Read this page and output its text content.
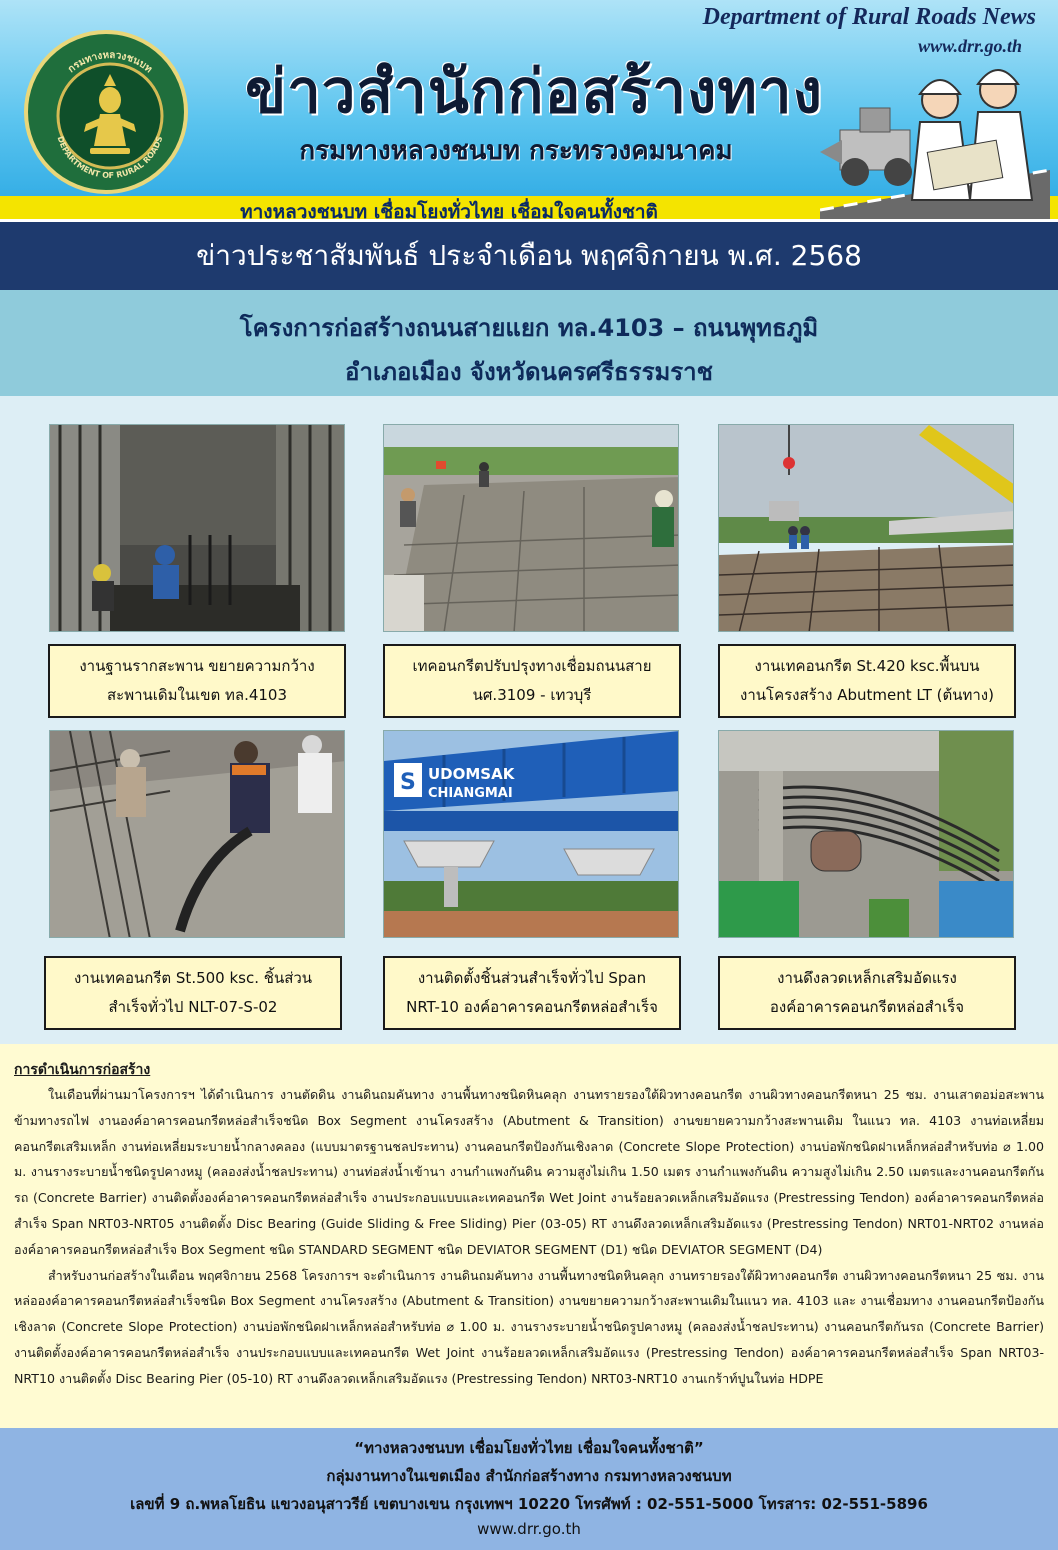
กรมทางหลวงชนบท
DEPARTMENT OF RURAL ROADS
ข่าวสำนักก่อสร้างทาง
กรมทางหลวงชนบท กระทรวงคมนาคม
ทางหลวงชนบท เชื่อมโยงทั่วไทย เชื่อมใจคนทั้งชาติ
Department of Rural Roads News
www.drr.go.th
ข่าวประชาสัมพันธ์ ประจำเดือน พฤศจิกายน พ.ศ. 2568
โครงการก่อสร้างถนนสายแยก ทล.4103 – ถนนพุทธภูมิ
อำเภอเมือง จังหวัดนครศรีธรรมราช
งานฐานรากสะพาน ขยายความกว้าง
สะพานเดิมในเขต ทล.4103
เทคอนกรีตปรับปรุงทางเชื่อมถนนสาย
นศ.3109 - เทวบุรี
งานเทคอนกรีต St.420 ksc.พื้นบน
งานโครงสร้าง Abutment LT (ต้นทาง)
S UDOMSAK
CHIANGMAI
งานเทคอนกรีต St.500 ksc. ชิ้นส่วน
สำเร็จทั่วไป NLT-07-S-02
งานติดตั้งชิ้นส่วนสำเร็จทั่วไป Span
NRT-10 องค์อาคารคอนกรีตหล่อสำเร็จ
งานดึงลวดเหล็กเสริมอัดแรง
องค์อาคารคอนกรีตหล่อสำเร็จ
การดำเนินการก่อสร้าง

ในเดือนที่ผ่านมาโครงการฯ ได้ดำเนินการ งานตัดดิน งานดินถมคันทาง งานพื้นทางชนิดหินคลุก งานทรายรองใต้ผิวทางคอนกรีต งานผิวทางคอนกรีตหนา 25 ซม. งานเสาตอม่อสะพานข้ามทางรถไฟ งานองค์อาคารคอนกรีตหล่อสำเร็จชนิด Box Segment งานโครงสร้าง (Abutment & Transition) งานขยายความกว้างสะพานเดิม ในแนว ทล. 4103 งานท่อเหลี่ยมคอนกรีตเสริมเหล็ก งานท่อเหลี่ยมระบายน้ำกลางคลอง (แบบมาตรฐานชลประทาน) งานคอนกรีตป้องกันเชิงลาด (Concrete Slope Protection) งานบ่อพักชนิดฝาเหล็กหล่อสำหรับท่อ ⌀ 1.00 ม. งานรางระบายน้ำชนิดรูปคางหมู (คลองส่งน้ำชลประทาน) งานท่อส่งน้ำเข้านา งานกำแพงกันดิน ความสูงไม่เกิน 1.50 เมตร งานกำแพงกันดิน ความสูงไม่เกิน 2.50 เมตรและงานคอนกรีตกันรถ (Concrete Barrier) งานติดตั้งองค์อาคารคอนกรีตหล่อสำเร็จ งานประกอบแบบและเทคอนกรีต Wet Joint งานร้อยลวดเหล็กเสริมอัดแรง (Prestressing Tendon) องค์อาคารคอนกรีตหล่อสำเร็จ Span NRT03-NRT05 งานติดตั้ง Disc Bearing (Guide Sliding & Free Sliding) Pier (03-05) RT งานดึงลวดเหล็กเสริมอัดแรง (Prestressing Tendon) NRT01-NRT02 งานหล่อองค์อาคารคอนกรีตหล่อสำเร็จ Box Segment ชนิด STANDARD SEGMENT ชนิด DEVIATOR SEGMENT (D1) ชนิด DEVIATOR SEGMENT (D4)

สำหรับงานก่อสร้างในเดือน พฤศจิกายน 2568 โครงการฯ จะดำเนินการ งานดินถมคันทาง งานพื้นทางชนิดหินคลุก งานทรายรองใต้ผิวทางคอนกรีต งานผิวทางคอนกรีตหนา 25 ซม. งานหล่อองค์อาคารคอนกรีตหล่อสำเร็จชนิด Box Segment งานโครงสร้าง (Abutment & Transition) งานขยายความกว้างสะพานเดิมในแนว ทล. 4103 และ งานเชื่อมทาง งานคอนกรีตป้องกันเชิงลาด (Concrete Slope Protection) งานบ่อพักชนิดฝาเหล็กหล่อสำหรับท่อ ⌀ 1.00 ม. งานรางระบายน้ำชนิดรูปคางหมู (คลองส่งน้ำชลประทาน) งานคอนกรีตกันรถ (Concrete Barrier) งานติดตั้งองค์อาคารคอนกรีตหล่อสำเร็จ งานประกอบแบบและเทคอนกรีต Wet Joint งานร้อยลวดเหล็กเสริมอัดแรง (Prestressing Tendon) องค์อาคารคอนกรีตหล่อสำเร็จ Span NRT03-NRT10 งานติดตั้ง Disc Bearing Pier (05-10) RT งานดึงลวดเหล็กเสริมอัดแรง (Prestressing Tendon) NRT03-NRT10 งานเกร้าท์ปูนในท่อ HDPE

“ทางหลวงชนบท เชื่อมโยงทั่วไทย เชื่อมใจคนทั้งชาติ”
กลุ่มงานทางในเขตเมือง สำนักก่อสร้างทาง กรมทางหลวงชนบท
เลขที่ 9 ถ.พหลโยธิน แขวงอนุสาวรีย์ เขตบางเขน กรุงเทพฯ 10220 โทรศัพท์ : 02-551-5000 โทรสาร: 02-551-5896
www.drr.go.th
